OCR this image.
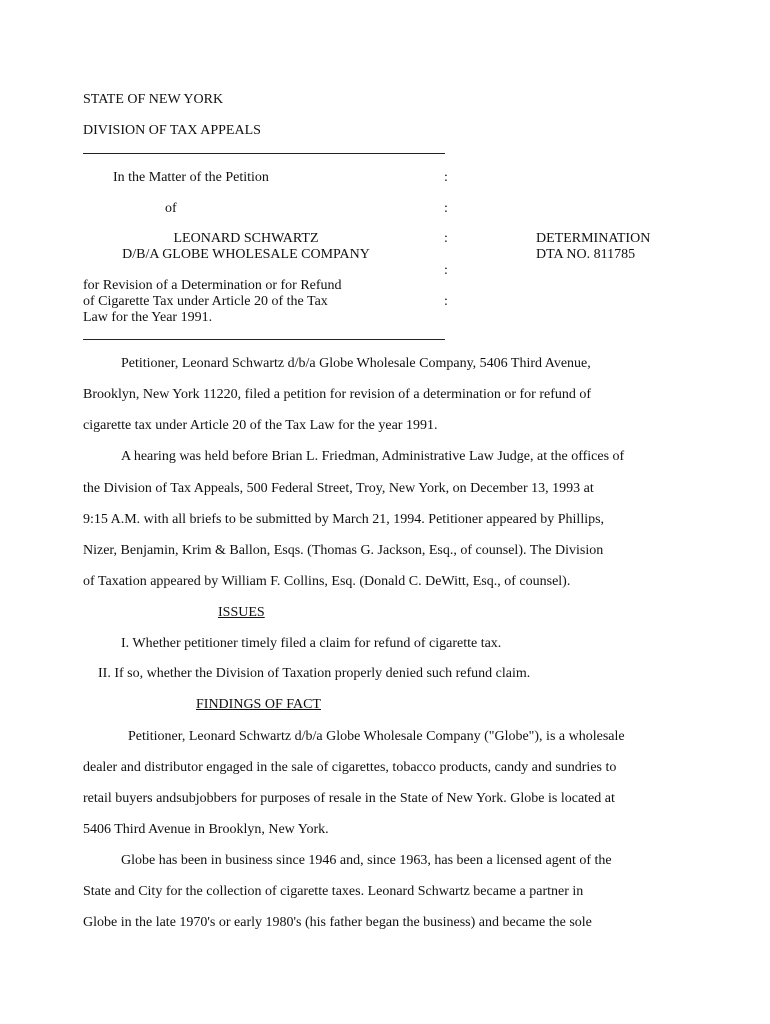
STATE OF NEW YORK
DIVISION OF TAX APPEALS
In the Matter of the Petition
of
LEONARD SCHWARTZ
D/B/A GLOBE WHOLESALE COMPANY
for Revision of a Determination or for Refund
of Cigarette Tax under Article 20 of the Tax
Law for the Year 1991.
:
:
:
:
:
DETERMINATION
DTA NO. 811785
Petitioner, Leonard Schwartz d/b/a Globe Wholesale Company, 5406 Third Avenue,
Brooklyn, New York 11220, filed a petition for revision of a determination or for refund of
cigarette tax under Article 20 of the Tax Law for the year 1991.
A hearing was held before Brian L. Friedman, Administrative Law Judge, at the offices of
the Division of Tax Appeals, 500 Federal Street, Troy, New York, on December 13, 1993 at
9:15 A.M. with all briefs to be submitted by March 21, 1994. Petitioner appeared by Phillips,
Nizer, Benjamin, Krim & Ballon, Esqs. (Thomas G. Jackson, Esq., of counsel). The Division
of Taxation appeared by William F. Collins, Esq. (Donald C. DeWitt, Esq., of counsel).
ISSUES
I. Whether petitioner timely filed a claim for refund of cigarette tax.
II. If so, whether the Division of Taxation properly denied such refund claim.
FINDINGS OF FACT
Petitioner, Leonard Schwartz d/b/a Globe Wholesale Company ("Globe"), is a wholesale
dealer and distributor engaged in the sale of cigarettes, tobacco products, candy and sundries to
retail buyers andsubjobbers for purposes of resale in the State of New York. Globe is located at
5406 Third Avenue in Brooklyn, New York.
Globe has been in business since 1946 and, since 1963, has been a licensed agent of the
State and City for the collection of cigarette taxes. Leonard Schwartz became a partner in
Globe in the late 1970's or early 1980's (his father began the business) and became the sole
